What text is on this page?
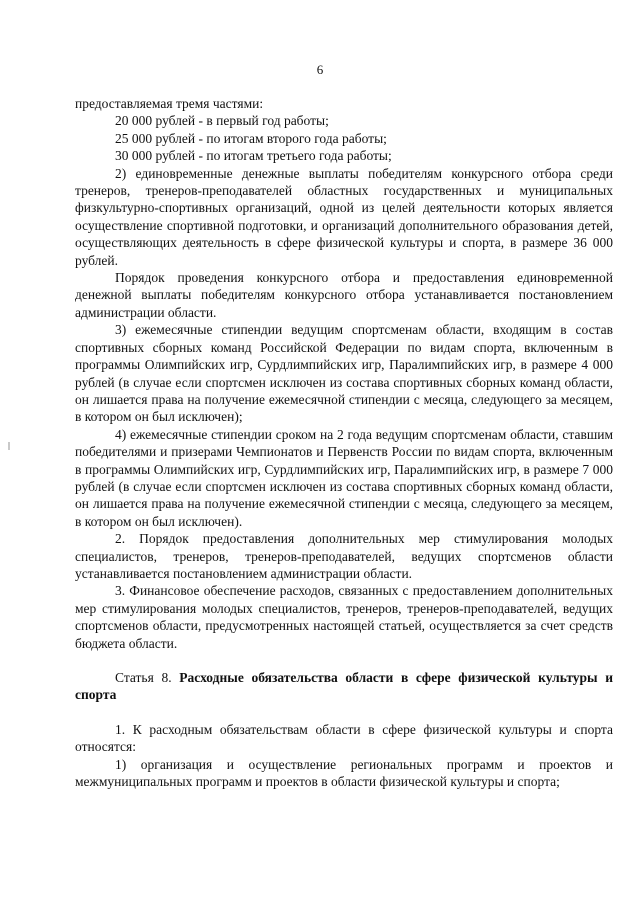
6

предоставляемая тремя частями:

20 000 рублей - в первый год работы;

25 000 рублей - по итогам второго года работы;

30 000 рублей - по итогам третьего года работы;

2) единовременные денежные выплаты победителям конкурсного отбора среди тренеров, тренеров-преподавателей областных государственных и муниципальных физкультурно-спортивных организаций, одной из целей деятельности которых является осуществление спортивной подготовки, и организаций дополнительного образования детей, осуществляющих деятельность в сфере физической культуры и спорта, в размере 36 000 рублей.

Порядок проведения конкурсного отбора и предоставления единовременной денежной выплаты победителям конкурсного отбора устанавливается постановлением администрации области.

3) ежемесячные стипендии ведущим спортсменам области, входящим в состав спортивных сборных команд Российской Федерации по видам спорта, включенным в программы Олимпийских игр, Сурдлимпийских игр, Паралимпийских игр, в размере 4 000 рублей (в случае если спортсмен исключен из состава спортивных сборных команд области, он лишается права на получение ежемесячной стипендии с месяца, следующего за месяцем, в котором он был исключен);

4) ежемесячные стипендии сроком на 2 года ведущим спортсменам области, ставшим победителями и призерами Чемпионатов и Первенств России по видам спорта, включенным в программы Олимпийских игр, Сурдлимпийских игр, Паралимпийских игр, в размере 7 000 рублей (в случае если спортсмен исключен из состава спортивных сборных команд области, он лишается права на получение ежемесячной стипендии с месяца, следующего за месяцем, в котором он был исключен).

2. Порядок предоставления дополнительных мер стимулирования молодых специалистов, тренеров, тренеров-преподавателей, ведущих спортсменов области устанавливается постановлением администрации области.

3. Финансовое обеспечение расходов, связанных с предоставлением дополнительных мер стимулирования молодых специалистов, тренеров, тренеров-преподавателей, ведущих спортсменов области, предусмотренных настоящей статьей, осуществляется за счет средств бюджета области.

Статья 8. Расходные обязательства области в сфере физической культуры и спорта

1. К расходным обязательствам области в сфере физической культуры и спорта относятся:

1) организация и осуществление региональных программ и проектов и межмуниципальных программ и проектов в области физической культуры и спорта;
